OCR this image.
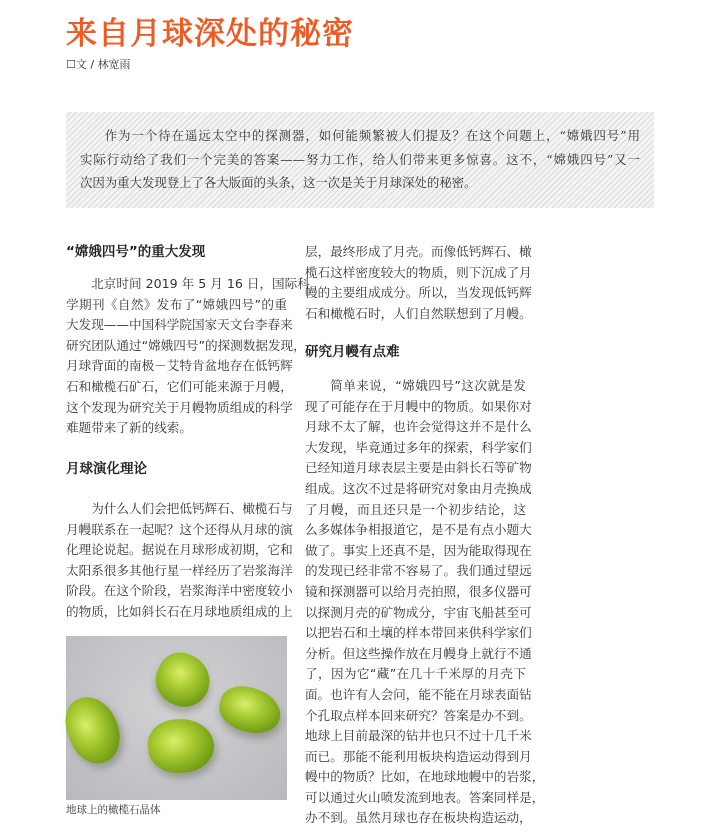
来自月球深处的秘密
☐文 / 林宽雨
作为一个待在遥远太空中的探测器，如何能频繁被人们提及？在这个问题上，“嫦娥四号”用
实际行动给了我们一个完美的答案——努力工作，给人们带来更多惊喜。这不，“嫦娥四号”又一
次因为重大发现登上了各大版面的头条，这一次是关于月球深处的秘密。
“嫦娥四号”的重大发现
北京时间 2019 年 5 月 16 日，国际科
学期刊《自然》发布了“嫦娥四号”的重
大发现——中国科学院国家天文台李春来
研究团队通过“嫦娥四号”的探测数据发现，
月球背面的南极－艾特肯盆地存在低钙辉
石和橄榄石矿石，它们可能来源于月幔，
这个发现为研究关于月幔物质组成的科学
难题带来了新的线索。
月球演化理论
为什么人们会把低钙辉石、橄榄石与
月幔联系在一起呢？这个还得从月球的演
化理论说起。据说在月球形成初期，它和
太阳系很多其他行星一样经历了岩浆海洋
阶段。在这个阶段，岩浆海洋中密度较小
的物质，比如斜长石在月球地质组成的上
地球上的橄榄石晶体
层，最终形成了月壳。而像低钙辉石、橄
榄石这样密度较大的物质，则下沉成了月
幔的主要组成成分。所以，当发现低钙辉
石和橄榄石时，人们自然联想到了月幔。
研究月幔有点难
简单来说，“嫦娥四号”这次就是发
现了可能存在于月幔中的物质。如果你对
月球不太了解，也许会觉得这并不是什么
大发现，毕竟通过多年的探索，科学家们
已经知道月球表层主要是由斜长石等矿物
组成。这次不过是将研究对象由月壳换成
了月幔，而且还只是一个初步结论，这
么多媒体争相报道它，是不是有点小题大
做了。事实上还真不是，因为能取得现在
的发现已经非常不容易了。我们通过望远
镜和探测器可以给月壳拍照，很多仪器可
以探测月壳的矿物成分，宇宙飞船甚至可
以把岩石和土壤的样本带回来供科学家们
分析。但这些操作放在月幔身上就行不通
了，因为它“藏”在几十千米厚的月壳下
面。也许有人会问，能不能在月球表面钻
个孔取点样本回来研究？答案是办不到。
地球上目前最深的钻井也只不过十几千米
而已。那能不能利用板块构造运动得到月
幔中的物质？比如，在地球地幔中的岩浆，
可以通过火山喷发流到地表。答案同样是，
办不到。虽然月球也存在板块构造运动，
